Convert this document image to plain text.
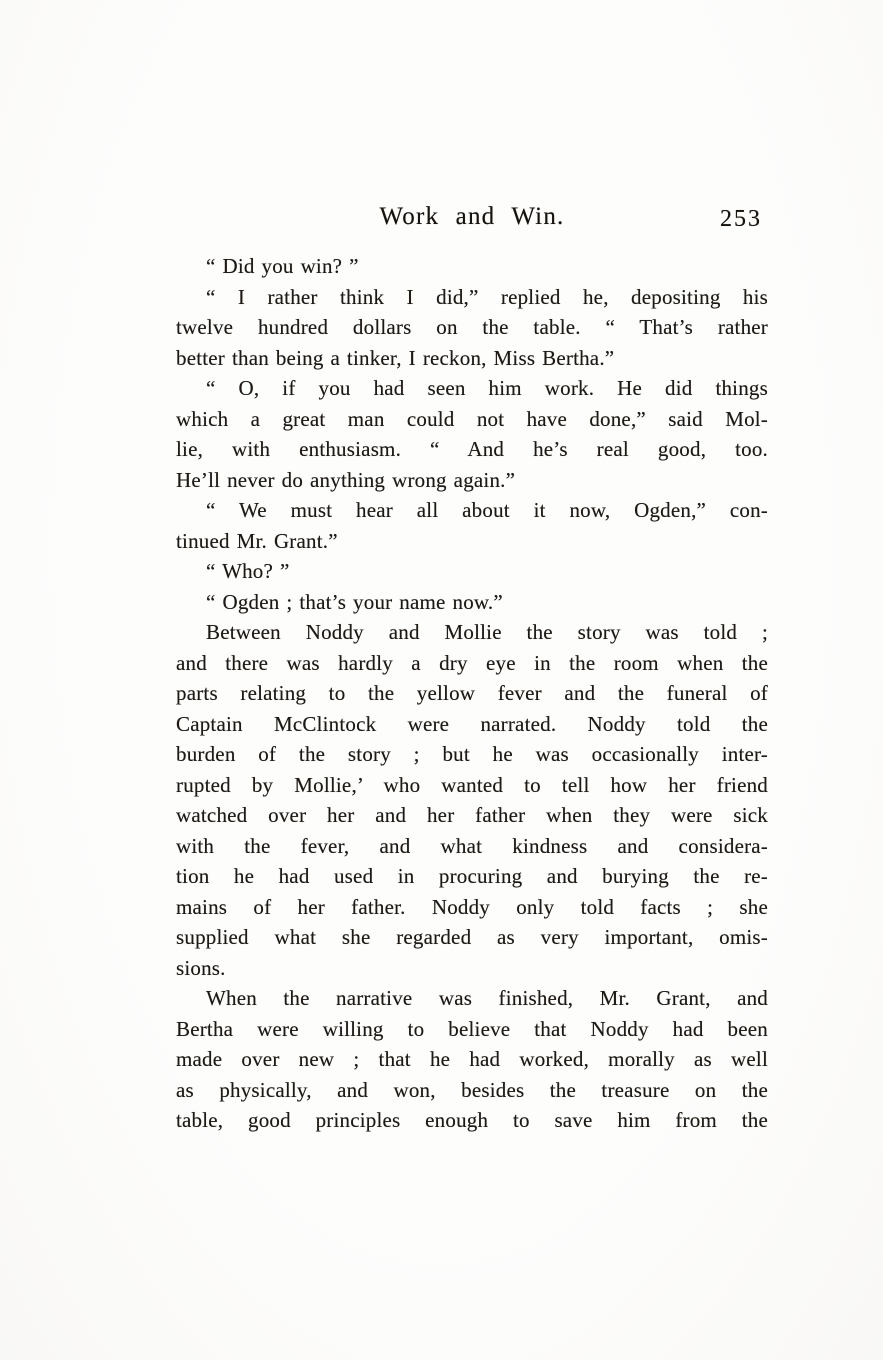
Work and Win.	253
“ Did you win? ”
“ I rather think I did,” replied he, depositing his
twelve hundred dollars on the table. “ That’s rather
better than being a tinker, I reckon, Miss Bertha.”
“ O, if you had seen him work. He did things
which a great man could not have done,” said Mol-
lie, with enthusiasm. “ And he’s real good, too.
He’ll never do anything wrong again.”
“ We must hear all about it now, Ogden,” con-
tinued Mr. Grant.”
“ Who? ”
“ Ogden ; that’s your name now.”
Between Noddy and Mollie the story was told ;
and there was hardly a dry eye in the room when the
parts relating to the yellow fever and the funeral of
Captain McClintock were narrated. Noddy told the
burden of the story ; but he was occasionally inter-
rupted by Mollie,’ who wanted to tell how her friend
watched over her and her father when they were sick
with the fever, and what kindness and considera-
tion he had used in procuring and burying the re-
mains of her father. Noddy only told facts ; she
supplied what she regarded as very important, omis-
sions.
When the narrative was finished, Mr. Grant, and
Bertha were willing to believe that Noddy had been
made over new ; that he had worked, morally as well
as physically, and won, besides the treasure on the
table, good principles enough to save him from the
